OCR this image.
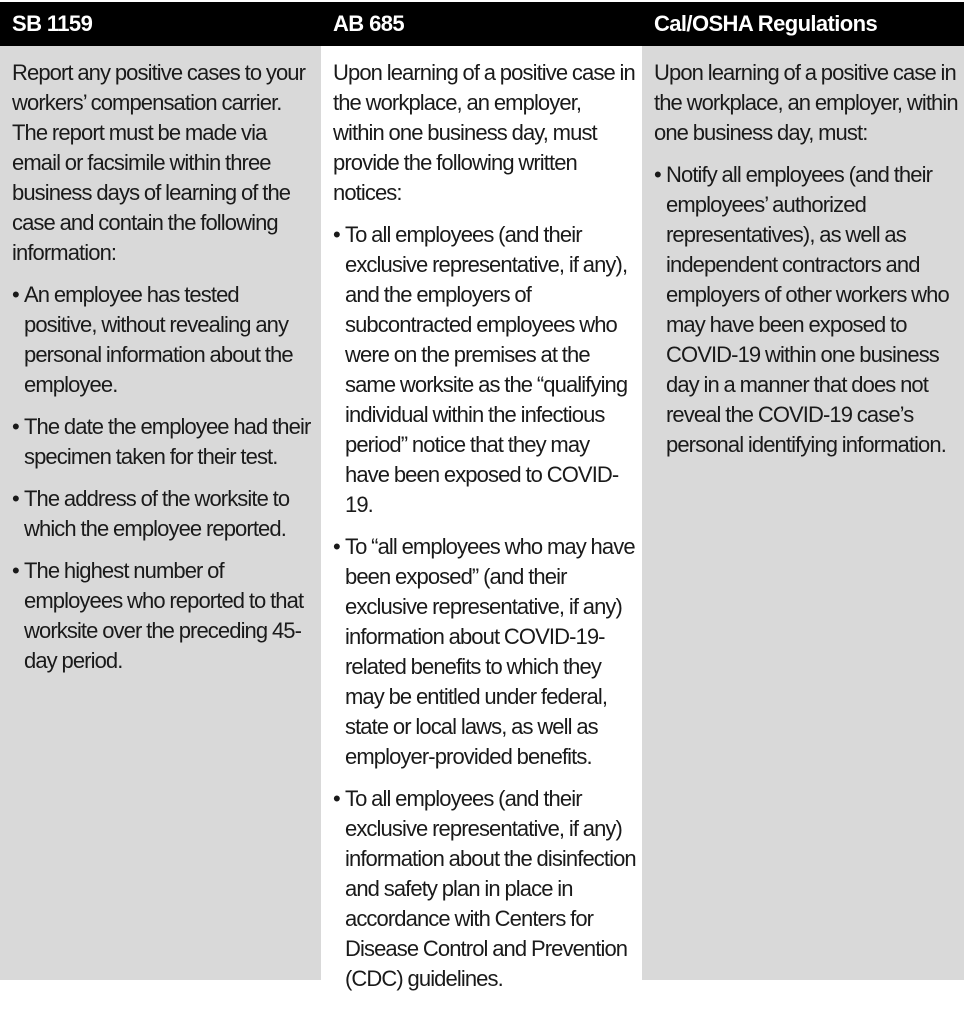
SB 1159	AB 685	Cal/OSHA Regulations

Report any positive cases to your workers’ compensation carrier. The report must be made via email or facsimile within three business days of learning of the case and contain the following information:

• An employee has tested positive, without revealing any personal information about the employee.
• The date the employee had their specimen taken for their test.
• The address of the worksite to which the employee reported.
• The highest number of employees who reported to that worksite over the preceding 45-day period.

Upon learning of a positive case in the workplace, an employer, within one business day, must provide the following written notices:

• To all employees (and their exclusive representative, if any), and the employers of subcontracted employees who were on the premises at the same worksite as the “qualifying individual within the infectious period” notice that they may have been exposed to COVID-19.
• To “all employees who may have been exposed” (and their exclusive representative, if any) information about COVID-19-related benefits to which they may be entitled under federal, state or local laws, as well as employer-provided benefits.
• To all employees (and their exclusive representative, if any) information about the disinfection and safety plan in place in accordance with Centers for Disease Control and Prevention (CDC) guidelines.

Upon learning of a positive case in the workplace, an employer, within one business day, must:

• Notify all employees (and their employees’ authorized representatives), as well as independent contractors and employers of other workers who may have been exposed to COVID-19 within one business day in a manner that does not reveal the COVID-19 case’s personal identifying information.
